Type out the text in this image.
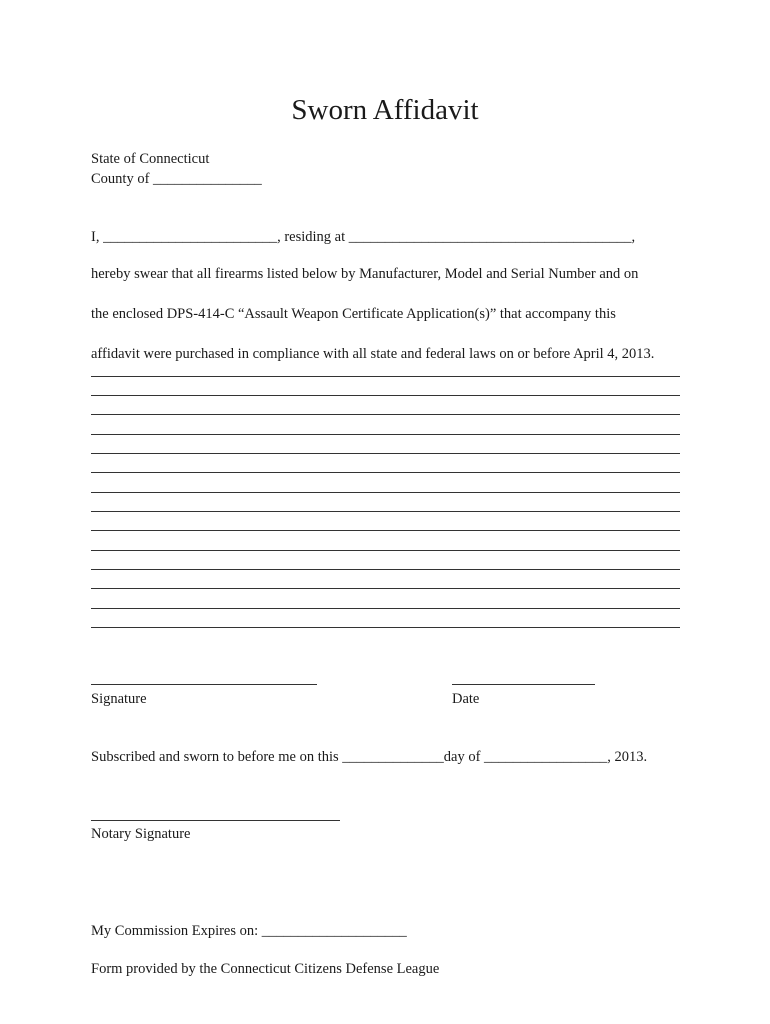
Sworn Affidavit
State of Connecticut
County of _______________
I, ________________________, residing at _______________________________________,
hereby swear that all firearms listed below by Manufacturer, Model and Serial Number and on
the enclosed DPS-414-C “Assault Weapon Certificate Application(s)” that accompany this
affidavit were purchased in compliance with all state and federal laws on or before April 4, 2013.
Signature	Date
Subscribed and sworn to before me on this ______________day of _________________, 2013.
Notary Signature
My Commission Expires on: ____________________
Form provided by the Connecticut Citizens Defense League
